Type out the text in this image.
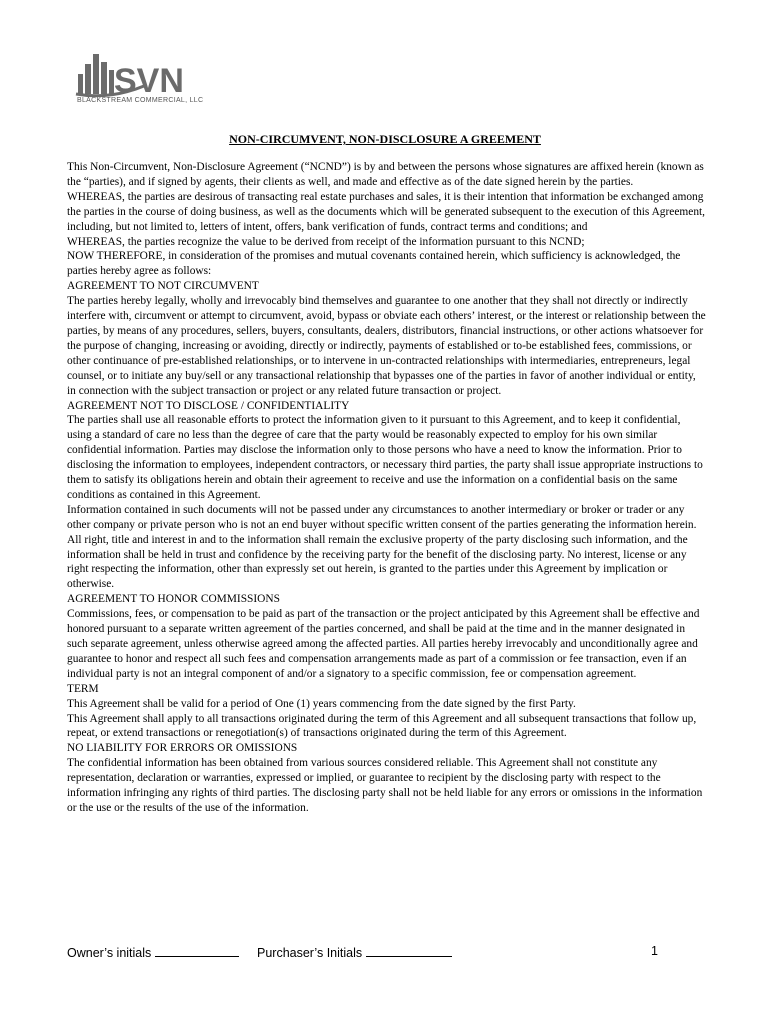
SVN
BLACKSTREAM COMMERCIAL, LLC
NON-CIRCUMVENT, NON-DISCLOSURE A GREEMENT

This Non-Circumvent, Non-Disclosure Agreement (“NCND”) is by and between the persons whose signatures are affixed herein (known as the “parties), and if signed by agents, their clients as well, and made and effective as of the date signed herein by the parties.

WHEREAS, the parties are desirous of transacting real estate purchases and sales, it is their intention that information be exchanged among the parties in the course of doing business, as well as the documents which will be generated subsequent to the execution of this Agreement, including, but not limited to, letters of intent, offers, bank verification of funds, contract terms and conditions; and

WHEREAS, the parties recognize the value to be derived from receipt of the information pursuant to this NCND;

NOW THEREFORE, in consideration of the promises and mutual covenants contained herein, which sufficiency is acknowledged, the parties hereby agree as follows:

AGREEMENT TO NOT CIRCUMVENT

The parties hereby legally, wholly and irrevocably bind themselves and guarantee to one another that they shall not directly or indirectly interfere with, circumvent or attempt to circumvent, avoid, bypass or obviate each others’ interest, or the interest or relationship between the parties, by means of any procedures, sellers, buyers, consultants, dealers, distributors, financial instructions, or other actions whatsoever for the purpose of changing, increasing or avoiding, directly or indirectly, payments of established or to-be established fees, commissions, or other continuance of pre-established relationships, or to intervene in un-contracted relationships with intermediaries, entrepreneurs, legal counsel, or to initiate any buy/sell or any transactional relationship that bypasses one of the parties in favor of another individual or entity, in connection with the subject transaction or project or any related future transaction or project.

AGREEMENT NOT TO DISCLOSE / CONFIDENTIALITY

The parties shall use all reasonable efforts to protect the information given to it pursuant to this Agreement, and to keep it confidential, using a standard of care no less than the degree of care that the party would be reasonably expected to employ for his own similar confidential information. Parties may disclose the information only to those persons who have a need to know the information. Prior to disclosing the information to employees, independent contractors, or necessary third parties, the party shall issue appropriate instructions to them to satisfy its obligations herein and obtain their agreement to receive and use the information on a confidential basis on the same conditions as contained in this Agreement.

Information contained in such documents will not be passed under any circumstances to another intermediary or broker or trader or any other company or private person who is not an end buyer without specific written consent of the parties generating the information herein.

All right, title and interest in and to the information shall remain the exclusive property of the party disclosing such information, and the information shall be held in trust and confidence by the receiving party for the benefit of the disclosing party. No interest, license or any right respecting the information, other than expressly set out herein, is granted to the parties under this Agreement by implication or otherwise.

AGREEMENT TO HONOR COMMISSIONS

Commissions, fees, or compensation to be paid as part of the transaction or the project anticipated by this Agreement shall be effective and honored pursuant to a separate written agreement of the parties concerned, and shall be paid at the time and in the manner designated in such separate agreement, unless otherwise agreed among the affected parties. All parties hereby irrevocably and unconditionally agree and guarantee to honor and respect all such fees and compensation arrangements made as part of a commission or fee transaction, even if an individual party is not an integral component of and/or a signatory to a specific commission, fee or compensation agreement.

TERM

This Agreement shall be valid for a period of One (1) years commencing from the date signed by the first Party.

This Agreement shall apply to all transactions originated during the term of this Agreement and all subsequent transactions that follow up, repeat, or extend transactions or renegotiation(s) of transactions originated during the term of this Agreement.

NO LIABILITY FOR ERRORS OR OMISSIONS

The confidential information has been obtained from various sources considered reliable. This Agreement shall not constitute any representation, declaration or warranties, expressed or implied, or guarantee to recipient by the disclosing party with respect to the information infringing any rights of third parties. The disclosing party shall not be held liable for any errors or omissions in the information or the use or the results of the use of the information.

Owner’s initials	Purchaser’s Initials	1
